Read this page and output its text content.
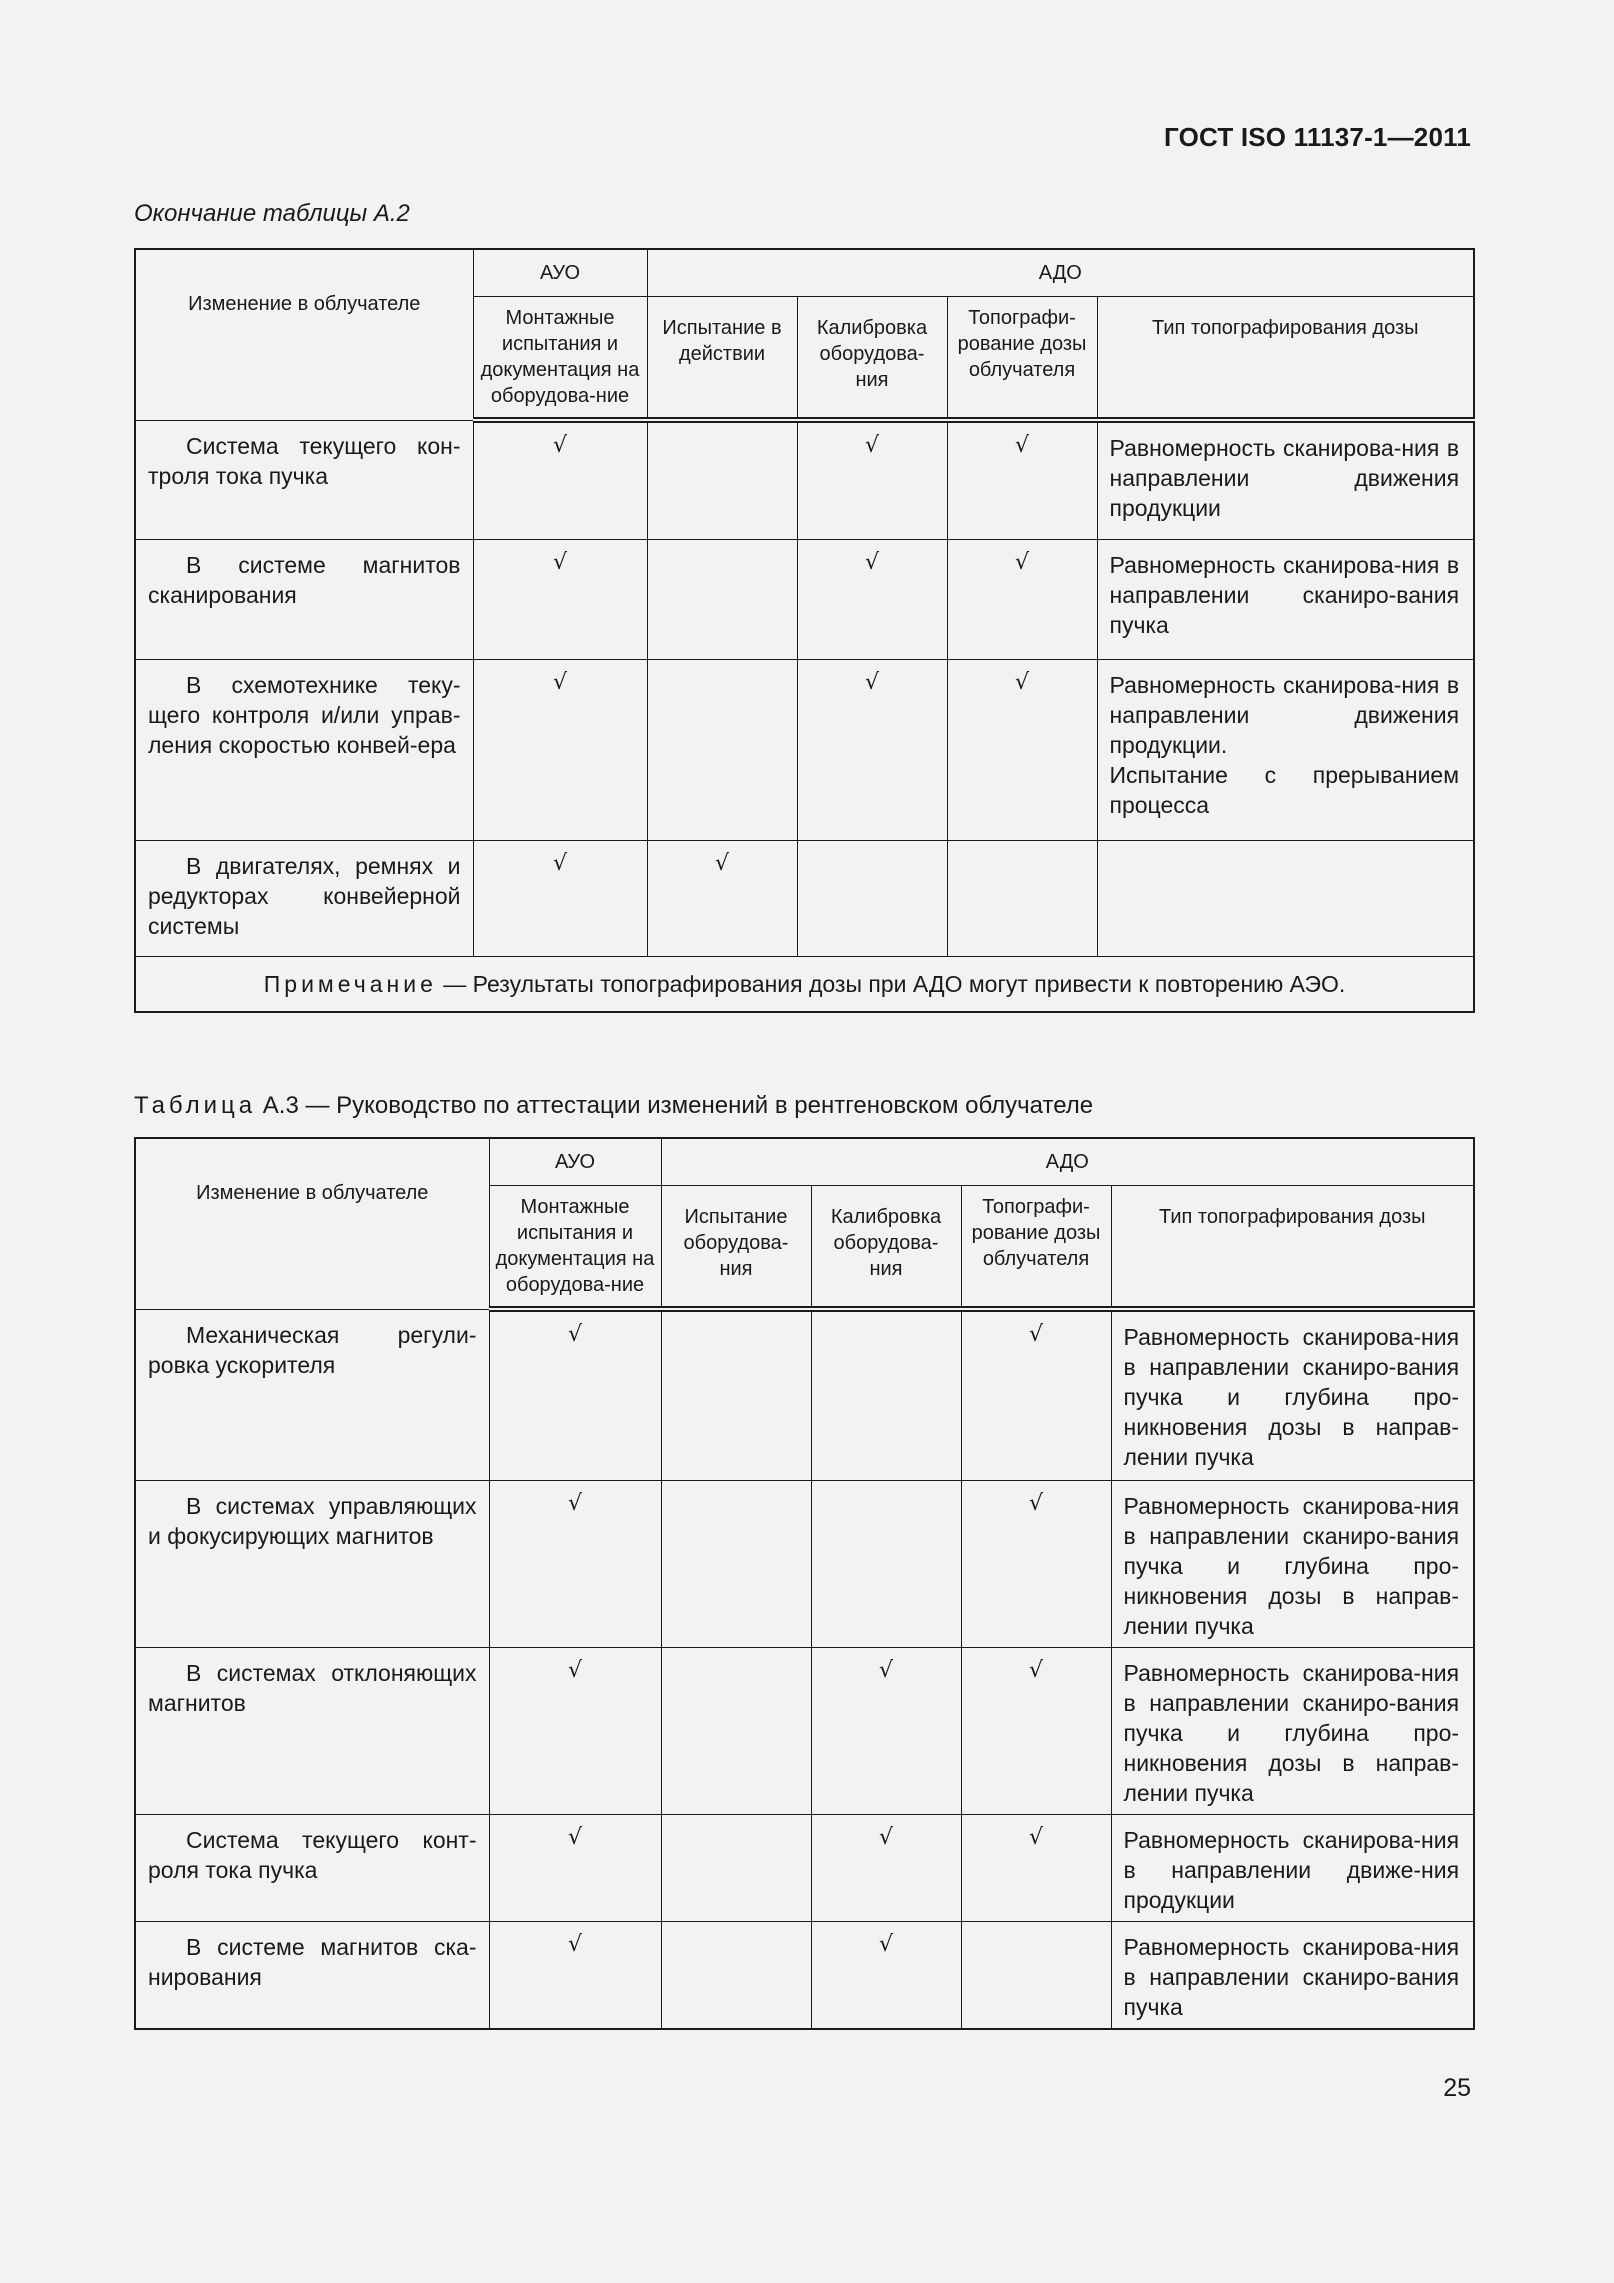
ГОСТ ISO 11137-1—2011
Окончание таблицы А.2
Изменение в облучателе	АУО	АДО			
	Монтажные испытания и документация на оборудова-ние	Испытание в действии	Калибровка оборудова-ния	Топографи-рование дозы облучателя	Тип топографирования дозы
Система текущего кон-троля тока пучка	√		√	√	Равномерность сканирова-ния в направлении движения продукции

В системе магнитов сканирования	√		√	√	Равномерность сканирова-ния в направлении сканиро-вания пучка

В схемотехнике теку-щего контроля и/или управ-ления скоростью конвей-ера	√		√	√	Равномерность сканирова-ния в направлении движения продукции.
Испытание с прерыванием процесса

В двигателях, ремнях и редукторах конвейерной системы	√	√			

Примечание — Результаты топографирования дозы при АДО могут привести к повторению АЭО.					
Таблица А.3 — Руководство по аттестации изменений в рентгеновском облучателе
Изменение в облучателе	АУО	АДО			
	Монтажные испытания и документация на оборудова-ние	Испытание оборудова-ния	Калибровка оборудова-ния	Топографи-рование дозы облучателя	Тип топографирования дозы
Механическая регули-ровка ускорителя	√			√	Равномерность сканирова-ния в направлении сканиро-вания пучка и глубина про-никновения дозы в направ-лении пучка

В системах управляющих и фокусирующих магнитов	√			√	Равномерность сканирова-ния в направлении сканиро-вания пучка и глубина про-никновения дозы в направ-лении пучка

В системах отклоняющих магнитов	√		√	√	Равномерность сканирова-ния в направлении сканиро-вания пучка и глубина про-никновения дозы в направ-лении пучка

Система текущего конт-роля тока пучка	√		√	√	Равномерность сканирова-ния в направлении движе-ния продукции

В системе магнитов ска-нирования	√		√		Равномерность сканирова-ния в направлении сканиро-вания пучка
25
